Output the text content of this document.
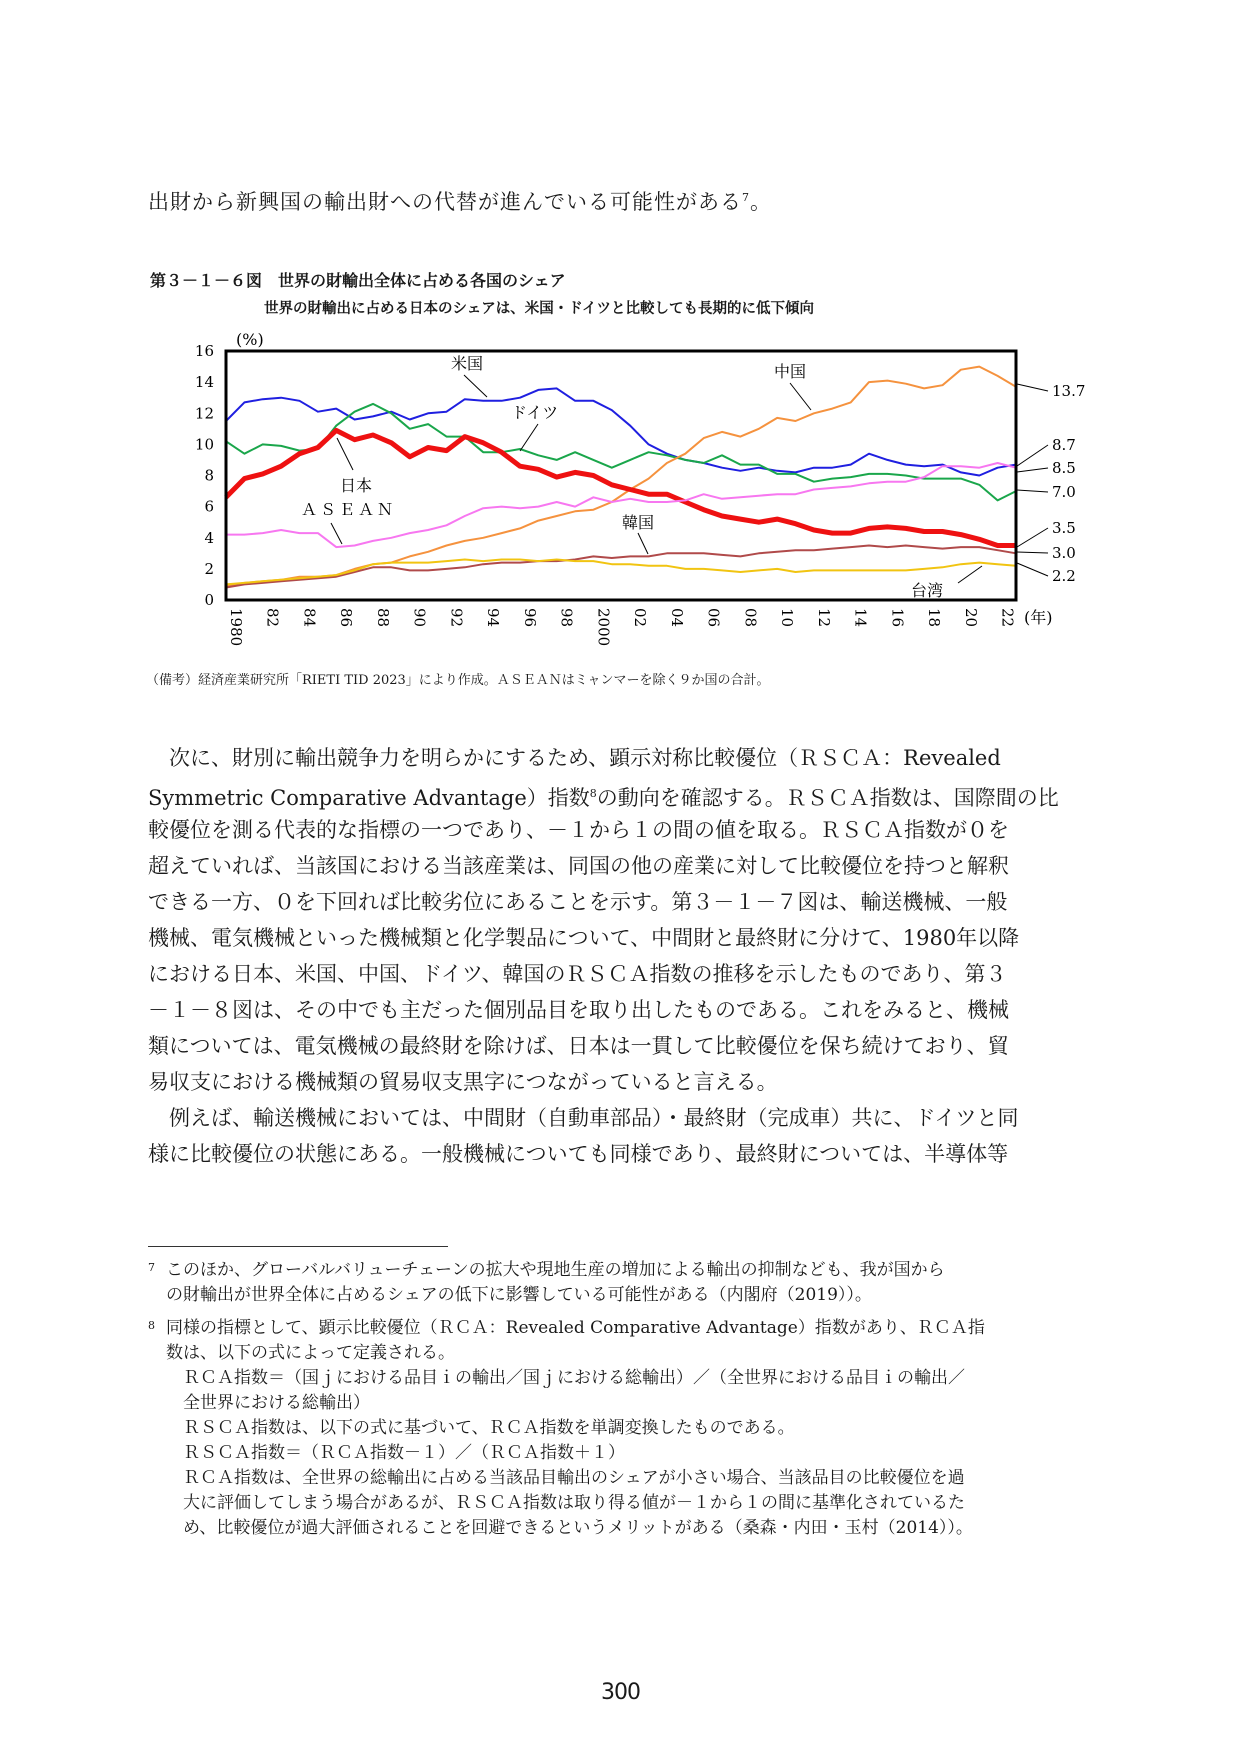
出財から新興国の輸出財への代替が進んでいる可能性がある$^7$。

第３－１－６図　世界の財輸出全体に占める各国のシェア
世界の財輸出に占める日本のシェアは、米国・ドイツと比較しても長期的に低下傾向
0
2
4
6
8
10
12
14
16
1980 82 84 86 88 90 92 94 96 98 2000 02 04 06 08 10 12 14 16 18 20 22
(%)
(年)
米国
ドイツ
中国
日本
ＡＳＥＡＮ
韓国
台湾
13.7
8.7
8.5
7.0
3.5
3.0
2.2
（備考）経済産業研究所「RIETI TID 2023」により作成。ＡＳＥＡＮはミャンマーを除く９か国の合計。

　次に、財別に輸出競争力を明らかにするため、顕示対称比較優位（ＲＳＣＡ：Revealed

Symmetric Comparative Advantage）指数$^8$の動向を確認する。ＲＳＣＡ指数は、国際間の比

較優位を測る代表的な指標の一つであり、－１から１の間の値を取る。ＲＳＣＡ指数が０を

超えていれば、当該国における当該産業は、同国の他の産業に対して比較優位を持つと解釈

できる一方、０を下回れば比較劣位にあることを示す。第３－１－７図は、輸送機械、一般

機械、電気機械といった機械類と化学製品について、中間財と最終財に分けて、1980年以降

における日本、米国、中国、ドイツ、韓国のＲＳＣＡ指数の推移を示したものであり、第３

－１－８図は、その中でも主だった個別品目を取り出したものである。これをみると、機械

類については、電気機械の最終財を除けば、日本は一貫して比較優位を保ち続けており、貿

易収支における機械類の貿易収支黒字につながっていると言える。

　例えば、輸送機械においては、中間財（自動車部品）・最終財（完成車）共に、ドイツと同

様に比較優位の状態にある。一般機械についても同様であり、最終財については、半導体等

7 このほか、グローバルバリューチェーンの拡大や現地生産の増加による輸出の抑制なども、我が国から
の財輸出が世界全体に占めるシェアの低下に影響している可能性がある（内閣府（2019））。
8 同様の指標として、顕示比較優位（ＲＣＡ：Revealed Comparative Advantage）指数があり、ＲＣＡ指
数は、以下の式によって定義される。
　ＲＣＡ指数＝（国ｊにおける品目ｉの輸出／国ｊにおける総輸出）／（全世界における品目ｉの輸出／
　全世界における総輸出）
　ＲＳＣＡ指数は、以下の式に基づいて、ＲＣＡ指数を単調変換したものである。
　ＲＳＣＡ指数＝（ＲＣＡ指数－１）／（ＲＣＡ指数＋１）
　ＲＣＡ指数は、全世界の総輸出に占める当該品目輸出のシェアが小さい場合、当該品目の比較優位を過
　大に評価してしまう場合があるが、ＲＳＣＡ指数は取り得る値が－１から１の間に基準化されているた
　め、比較優位が過大評価されることを回避できるというメリットがある（桑森・内田・玉村（2014））。
300
